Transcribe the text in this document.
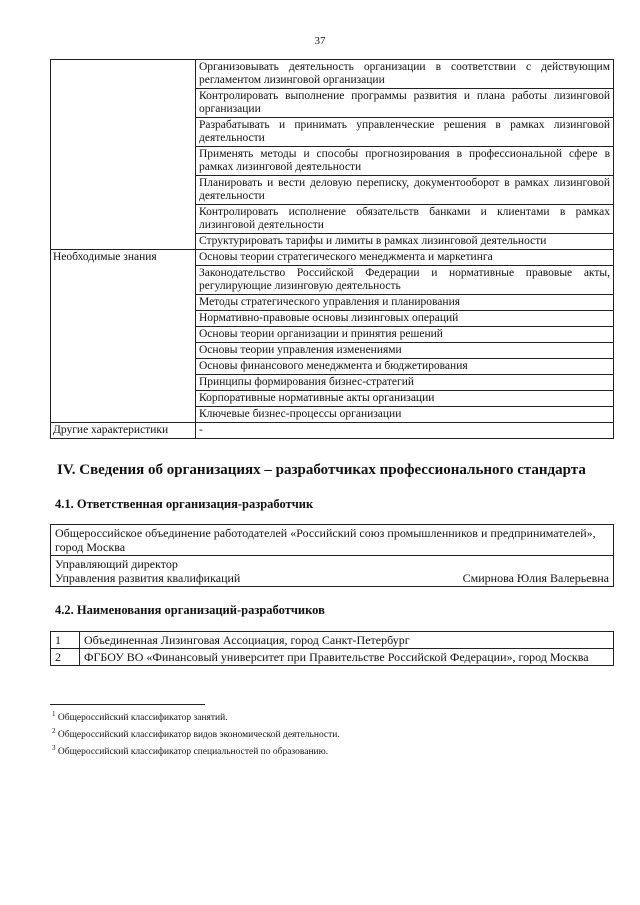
37
	Организовывать деятельность организации в соответствии с действующим регламентом лизинговой организации
	Контролировать выполнение программы развития и плана работы лизинговой организации
	Разрабатывать и принимать управленческие решения в рамках лизинговой деятельности
	Применять методы и способы прогнозирования в профессиональной сфере в рамках лизинговой деятельности
	Планировать и вести деловую переписку, документооборот в рамках лизинговой деятельности
	Контролировать исполнение обязательств банками и клиентами в рамках лизинговой деятельности
	Структурировать тарифы и лимиты в рамках лизинговой деятельности
Необходимые знания	Основы теории стратегического менеджмента и маркетинга
	Законодательство Российской Федерации и нормативные правовые акты, регулирующие лизинговую деятельность
	Методы стратегического управления и планирования
	Нормативно-правовые основы лизинговых операций
	Основы теории организации и принятия решений
	Основы теории управления изменениями
	Основы финансового менеджмента и бюджетирования
	Принципы формирования бизнес-стратегий
	Корпоративные нормативные акты организации
	Ключевые бизнес-процессы организации
Другие характеристики	-
IV. Сведения об организациях – разработчиках профессионального стандарта
4.1. Ответственная организация-разработчик
Общероссийское объединение работодателей «Российский союз промышленников и предпринимателей», город Москва

Управляющий директор
Управления развития квалификаций	Смирнова Юлия Валерьевна
4.2. Наименования организаций-разработчиков
1	Объединенная Лизинговая Ассоциация, город Санкт-Петербург
2	ФГБОУ ВО «Финансовый университет при Правительстве Российской Федерации», город Москва
$^1$ Общероссийский классификатор занятий.
$^2$ Общероссийский классификатор видов экономической деятельности.
$^3$ Общероссийский классификатор специальностей по образованию.
